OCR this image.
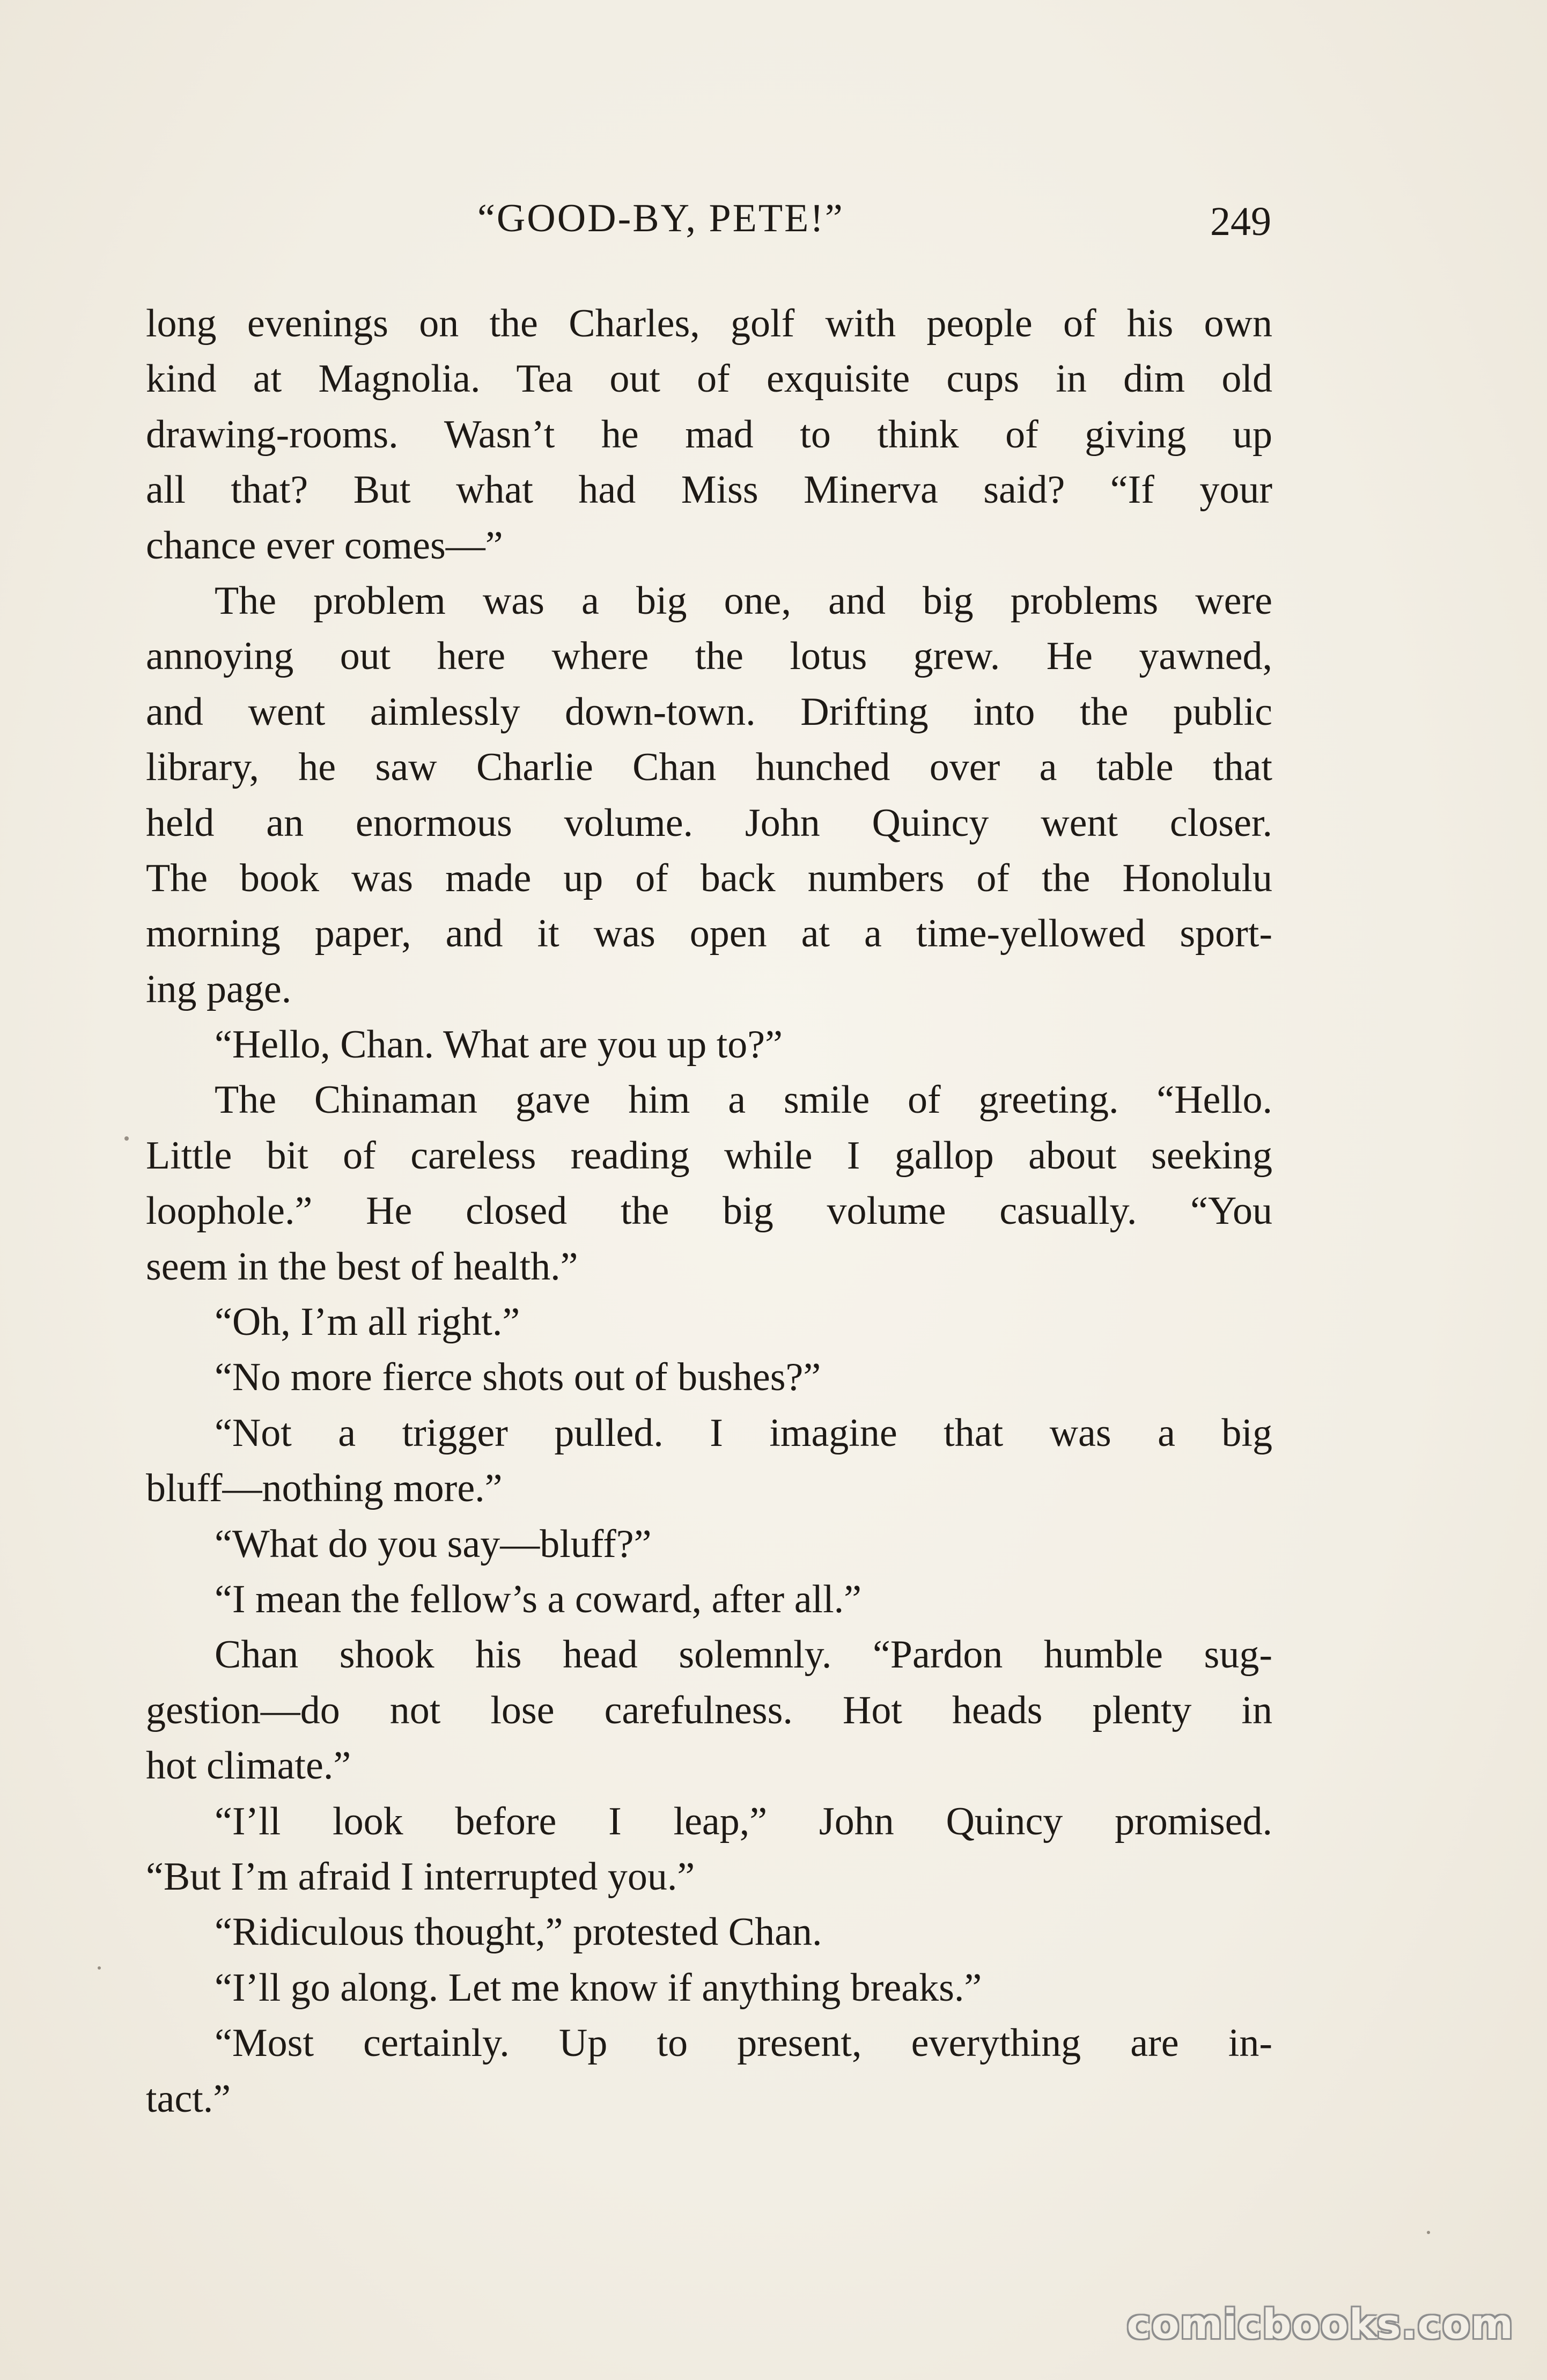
“GOOD-BY, PETE!”	249
long evenings on the Charles, golf with people of his own
kind at Magnolia. Tea out of exquisite cups in dim old
drawing-rooms. Wasn’t he mad to think of giving up
all that? But what had Miss Minerva said? “If your
chance ever comes—”
The problem was a big one, and big problems were
annoying out here where the lotus grew. He yawned,
and went aimlessly down-town. Drifting into the public
library, he saw Charlie Chan hunched over a table that
held an enormous volume. John Quincy went closer.
The book was made up of back numbers of the Honolulu
morning paper, and it was open at a time-yellowed sport-
ing page.
“Hello, Chan. What are you up to?”
The Chinaman gave him a smile of greeting. “Hello.
Little bit of careless reading while I gallop about seeking
loophole.” He closed the big volume casually. “You
seem in the best of health.”
“Oh, I’m all right.”
“No more fierce shots out of bushes?”
“Not a trigger pulled. I imagine that was a big
bluff—nothing more.”
“What do you say—bluff?”
“I mean the fellow’s a coward, after all.”
Chan shook his head solemnly. “Pardon humble sug-
gestion—do not lose carefulness. Hot heads plenty in
hot climate.”
“I’ll look before I leap,” John Quincy promised.
“But I’m afraid I interrupted you.”
“Ridiculous thought,” protested Chan.
“I’ll go along. Let me know if anything breaks.”
“Most certainly. Up to present, everything are in-
tact.”
comicbooks.com
